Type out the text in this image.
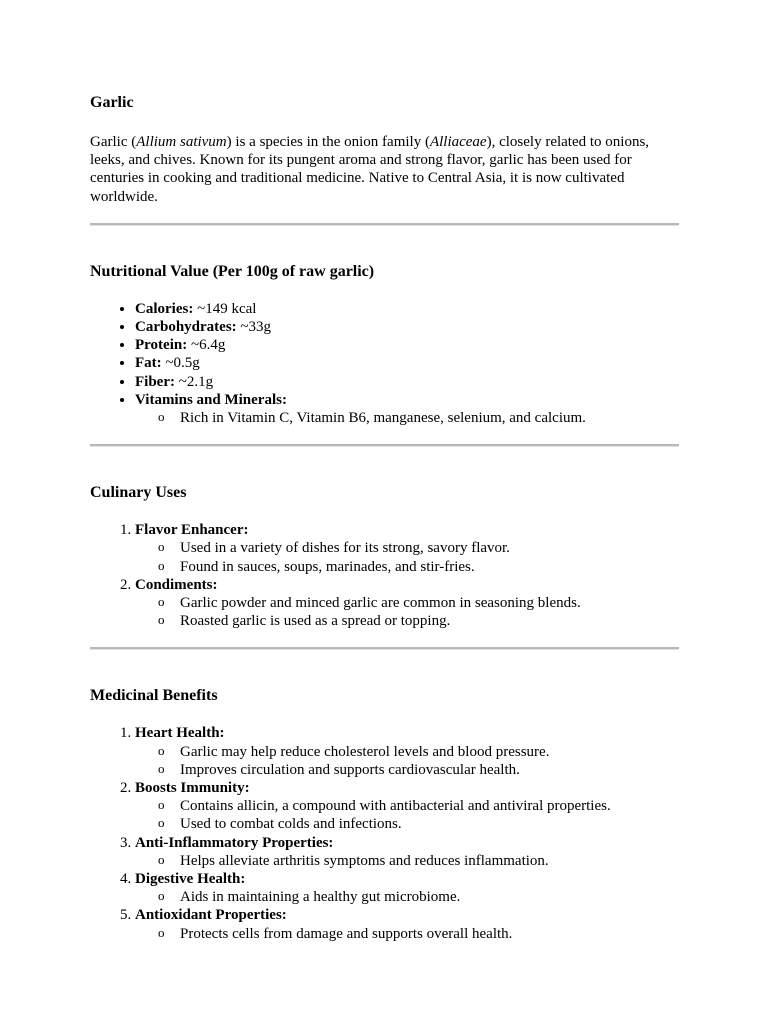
Garlic

Garlic (Allium sativum) is a species in the onion family (Alliaceae), closely related to onions, leeks, and chives. Known for its pungent aroma and strong flavor, garlic has been used for centuries in cooking and traditional medicine. Native to Central Asia, it is now cultivated worldwide.

Nutritional Value (Per 100g of raw garlic)
• Calories: ~149 kcal
• Carbohydrates: ~33g
• Protein: ~6.4g
• Fat: ~0.5g
• Fiber: ~2.1g
• Vitamins and Minerals:
o Rich in Vitamin C, Vitamin B6, manganese, selenium, and calcium.
Culinary Uses
1. Flavor Enhancer:
o Used in a variety of dishes for its strong, savory flavor.
o Found in sauces, soups, marinades, and stir-fries.
2. Condiments:
o Garlic powder and minced garlic are common in seasoning blends.
o Roasted garlic is used as a spread or topping.
Medicinal Benefits
1. Heart Health:
o Garlic may help reduce cholesterol levels and blood pressure.
o Improves circulation and supports cardiovascular health.
2. Boosts Immunity:
o Contains allicin, a compound with antibacterial and antiviral properties.
o Used to combat colds and infections.
3. Anti-Inflammatory Properties:
o Helps alleviate arthritis symptoms and reduces inflammation.
4. Digestive Health:
o Aids in maintaining a healthy gut microbiome.
5. Antioxidant Properties:
o Protects cells from damage and supports overall health.
